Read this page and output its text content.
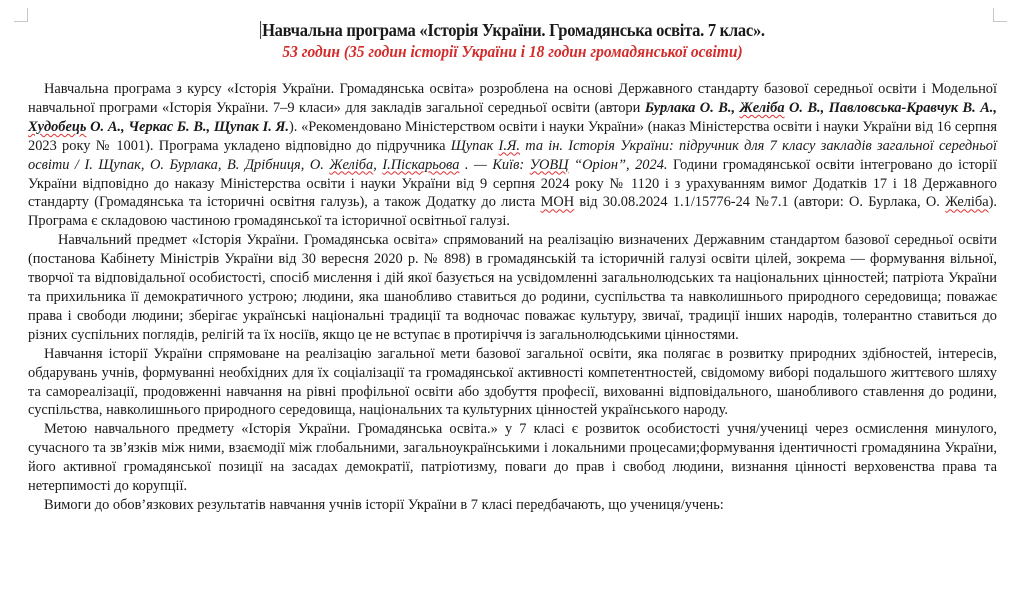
Навчальна програма «Історія України. Громадянська освіта. 7 клас».
53 годин (35 годин історії України і 18 годин громадянської освіти)

Навчальна програма з курсу «Історія України. Громадянська освіта» розроблена на основі Державного стандарту базової середньої освіти і Модельної навчальної програми «Історія України. 7–9 класи» для закладів загальної середньої освіти (автори Бурлака О. В., Желіба О. В., Павловська-Кравчук В. А., Худобець О. А., Черкас Б. В., Щупак І. Я.). «Рекомендовано Міністерством освіти і науки України» (наказ Міністерства освіти і науки України від 16 серпня 2023 року № 1001). Програма укладено відповідно до підручника Щупак І.Я. та ін. Історія України: підручник для 7 класу закладів загальної середньої освіти / І. Щупак, О. Бурлака, В. Дрібниця, О. Желіба, І.Піскарьова . — Київ: УОВЦ “Оріон”, 2024. Години громадянської освіти інтегровано до історії України відповідно до наказу Міністерства освіти і науки України від 9 серпня 2024 року № 1120 і з урахуванням вимог Додатків 17 і 18 Державного стандарту (Громадянська та історичні освітня галузь), а також Додатку до листа МОН від 30.08.2024 1.1/15776-24 №7.1 (автори: О. Бурлака, О. Желіба). Програма є складовою частиною громадянської та історичної освітньої галузі.

Навчальний предмет «Історія України. Громадянська освіта» спрямований на реалізацію визначених Державним стандартом базової середньої освіти (постанова Кабінету Міністрів України від 30 вересня 2020 р. № 898) в громадянській та історичній галузі освіти цілей, зокрема — формування вільної, творчої та відповідальної особистості, спосіб мислення і дій якої базується на усвідомленні загальнолюдських та національних цінностей; патріота України та прихильника її демократичного устрою; людини, яка шанобливо ставиться до родини, суспільства та навколишнього природного середовища; поважає права і свободи людини; зберігає українські національні традиції та водночас поважає культуру, звичаї, традиції інших народів, толерантно ставиться до різних суспільних поглядів, релігій та їх носіїв, якщо це не вступає в протиріччя із загальнолюдськими цінностями.

Навчання історії України спрямоване на реалізацію загальної мети базової загальної освіти, яка полягає в розвитку природних здібностей, інтересів, обдарувань учнів, формуванні необхідних для їх соціалізації та громадянської активності компетентностей, свідомому виборі подальшого життєвого шляху та самореалізації, продовженні навчання на рівні профільної освіти або здобуття професії, вихованні відповідального, шанобливого ставлення до родини, суспільства, навколишнього природного середовища, національних та культурних цінностей українського народу.

Метою навчального предмету «Історія України. Громадянська освіта.» у 7 класі є розвиток особистості учня/учениці через осмислення минулого, сучасного та зв’язків між ними, взаємодії між глобальними, загальноукраїнськими і локальними процесами;формування ідентичності громадянина України, його активної громадянської позиції на засадах демократії, патріотизму, поваги до прав і свобод людини, визнання цінності верховенства права та нетерпимості до корупції.

Вимоги до обов’язкових результатів навчання учнів історії України в 7 класі передбачають, що учениця/учень:
